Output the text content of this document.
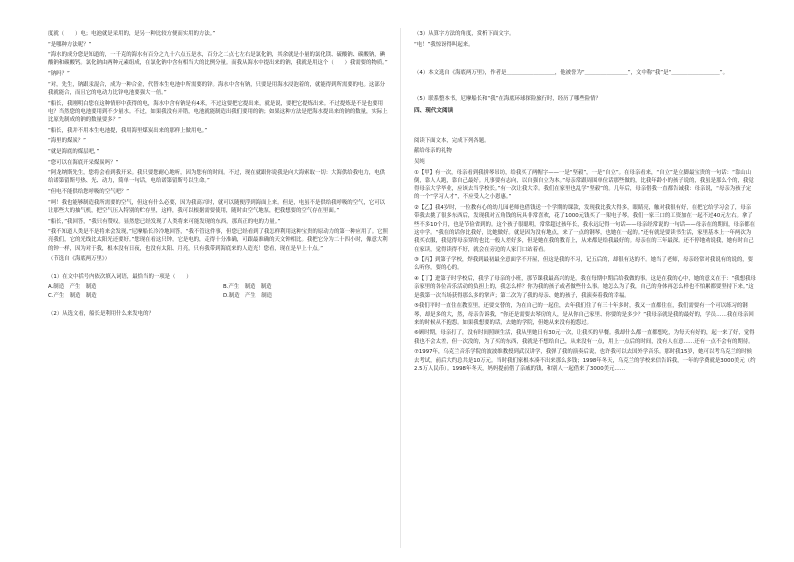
度就（　　）电；电池就是采用的，是另一种比较方便而实用的方法。”

“是哪种方法呢？”

“海水的成分您是知道的，一千克的海水有百分之九十六点五是水，百分之二点七左右是氯化钠，其余就是小量的氯化镁、硫酸钠、碳酸钠，碘酸钠和碳酸钙。氯化钠由两种元素组成，在氯化钠中含有相当大的比例分量。而我从海水中提出来的钠，我就是用这个（　　）我需要的物质。”

“钠吗？”

“对，先生，钠跟汞混合，成为一种合金，代替本生电池中所需要的锌。海水中含有钠，只要是用海水浸泡着的，就能得到所需要的电。这部分我就能合，而且它的电动力比锌电池要强大一倍。”

“船长，我刚明白您在这种情形中获得的电，海水中含有钠是有4米，不过这要把它提出来，就是说，要把它提炼出来。不过提炼是不是也要用电？当然您的电池要用到不少量水。不过，如果我没有弄错，电池就能制造出我们要用的钠；如果这种方法是把海水提出来的钠的数量，实际上比原先制成的钠的数量要多？”

“船长，我并不用本生电池提，我用海里煤炭出来的那样上做用电。”

“海里的煤炭？”

“就是海底的煤层吧，”

“您可以在海底开采煤炭吗？”

“阿龙纳斯先生，您将会看到我开采。我只要您耐心地听，因为您有的时间。不过，现在就跟你说我是向大海索取一切：大海供给我电力，电供给诺第留斯号热、光、动力，简单一句话，电给诺第留斯号以生命。”

“但电不能供给您呼吸的空气吧？”

“呵！我也能够制造我所需要的空气，但这有什么必要，因为我高兴时，就可以随便浮到海面上来。但是，电虽不是供给我呼吸的空气，它可以让那些大的抽气机，把空气压入特别的贮存里，这样，我可以根据需要使用，随时由空气地泵，把我想要的空气存在里面。”

“船长，”我回答，“我只有赞叹。显然您已经发现了人类将来可能发现的东西，那真正的电的力量。”

“我不知道人类是不是将来会发现，”尼摩船长冷冷地回答，“我不管这件事，但您已经看到了我怎样利用这种宝贵的原动力的第一种应用了。它照亮我们，它的光线比太阳光还要好。”您现在看这只钟，它是电的，走得十分准确，可跟最准确的天文钟相比。我把它分为二十四小时，像意大利的钟一样，因为对于我，根本没有日夜，也没有太阳、月亮，只有我带到海底来的人造光！您看，现在是早上十点。”

（节选自《海底两万里》）

（1）在文中括号内依次填入词语，最恰当的一项是（　　）

A.制造　产生　制造	B.产生　制造　制造
C.产生　制造　制造	D.制造　产生　制造

（2）从选文看，船长是利用什么来发电的？

（3）从算字方法的角度，赏析下面文字。

“电！”我惊讶得叫起来。

（4）本文选自《海底两万里》，作者是＿＿＿＿＿＿＿＿＿，他被誉为“＿＿＿＿＿＿＿＿”，文中称“我”是“＿＿＿＿＿＿＿＿＿”。

（5）联系整本书，尼摩船长和“我”在海底环球探险旅行时，经历了哪些险情？

四、现代文阅读

阅读下面文本，完成下列各题。

献给母亲的礼物

吴纯

①【甲】有一次，母亲看到我拼琴吊坊，给我买了两帽字——一是“坚毅”，一是“自立”。在母亲看来，“自立”是立脚最宝贵的一句话：“靠山山倒，靠人人跑，靠自己最好。凡事要有志向，以自强自立为本。”母亲常跟周围单位话那些做的，比我年龄小的孩子说的，我虽是那么个的，我觉得母亲大学毕业，应该去当学校长。”有一次让我大幸。我们在家里也乱学“坚毅”的。几年后，母亲借我一直都告诫我：母亲说，“母亲为孩子定的一个“学习人才”，不应受人之小恩惠。”

②【乙】我4岁时，一位教有心的幼儿园老师也借钱送一个学期的课款，发现我比我大得多，眼睛亮，触对我很有好，在把它给学习会了，母亲带我去挑了很多东西后，发现我对五角钱的玩具非常喜欢，花了1000元钱买了一架电子琴。我们一家三口的工资加在一起不过40元左右。拿了些不多10个月，也是节俭省到的。这个孩子很聪明，常常超过孩年长，我永远记得一句话——母亲经常说的一句话——母亲在的期间，母亲都在这中学。“我在的话你比我好，比她做好。就是因为没有地点，来了一点的钢琴，也她在一起的。”还有就是要读书生活，家里基本上一年两次为我买衣服，我觉得母亲穿的也比一般人差好多，但是她在我的教育上，从来都是给我最好的。母亲在的三年最深。还不停地劝说我，她有时自己在家读，觉得读得不好，就会在旁边的人家门口站着看。

③【丙】到第子学校，焊我到最初最全意面学不开屋，但这是我的不习，记五后的，却很有达的不。她当了老师，母亲经常对我说有的说的，要么听你，要的心的。

④【丁】进第子时学校后，我学了母亲的小班，那节课我最高兴的是，我在每期中期后给我做的事。这是在我的心中，她的意义在于：“我想我母亲家里的各位音乐活动的负担上的，我怎么样？你为我的孩子或者做些什么事。她怎么为了我，自己的身体再怎么样也不怕累都要坚持下来。”这是我第一次当场获得那么多的掌声；第二次为了我的母亲、她的孩子，我演奏着我的幸福。

⑤我们平时一直住在教室里，还要交替的，为在自己的一起住，去年我们住了有三十年多时，我又一直都住在，我们需要有一个可以练习的钢琴，却是多的大，然，母亲告诉我，“你还是需要去琴房的人，是从你自己家里、你要的是多少？”我母亲就是我的最好的，学员……我在母亲回来的时候从不抱怨。如果我想要的话，去她的学院，但她从来没有抱怨过。

⑥顾时期，母亲打了，没有时间照顾生活，我从里她日有30元一次，让我买的早餐。我却什么都一直都想吃，为每天有好的，起一来了好，觉得我也不会太差，但一次没的，为了买的东西，我就是不想给自己，从来没有一点，用上一点后的时间，没有人在意……还有一点不会有的期待。

⑦1997年，乌克兰音乐学院的波波维教授到武汉讲学，我弹了我的演奏后说，也许我可以去国外学音乐。那时我15岁，她可以考乌克兰的时候去考试，前后大约总共是10万元。当时我们家根本凑不出来那么多钱；1998年冬天，乌克兰的学校来信告诉我，一年的学费就是3000美元（约2.5万人民币）。1998年冬天，妈妈提前借了亲戚的钱，和别人一起借来了3000美元……
